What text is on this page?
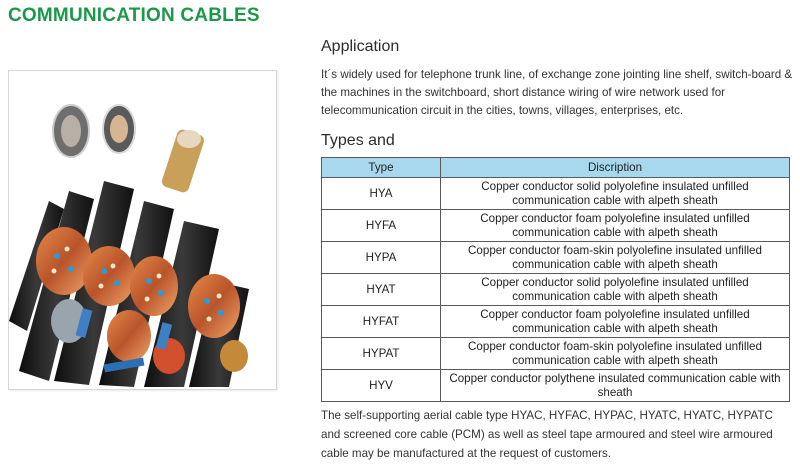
COMMUNICATION CABLES
Application
It´s widely used for telephone trunk line, of exchange zone jointing line shelf, switch-board & the machines in the switchboard, short distance wiring of wire network used for telecommunication circuit in the cities, towns, villages, enterprises, etc.
Types and
Type	Discription
HYA	Copper conductor solid polyolefine insulated unfilled communication cable with alpeth sheath
HYFA	Copper conductor foam polyolefine insulated unfilled communication cable with alpeth sheath
HYPA	Copper conductor foam-skin polyolefine insulated unfilled communication cable with alpeth sheath
HYAT	Copper conductor solid polyolefine insulated unfilled communication cable with alpeth sheath
HYFAT	Copper conductor foam polyolefine insulated unfilled communication cable with alpeth sheath
HYPAT	Copper conductor foam-skin polyolefine insulated unfilled communication cable with alpeth sheath
HYV	Copper conductor polythene insulated communication cable with sheath
The self-supporting aerial cable type HYAC, HYFAC, HYPAC, HYATC, HYATC, HYPATC and screened core cable (PCM) as well as steel tape armoured and steel wire armoured cable may be manufactured at the request of customers.
